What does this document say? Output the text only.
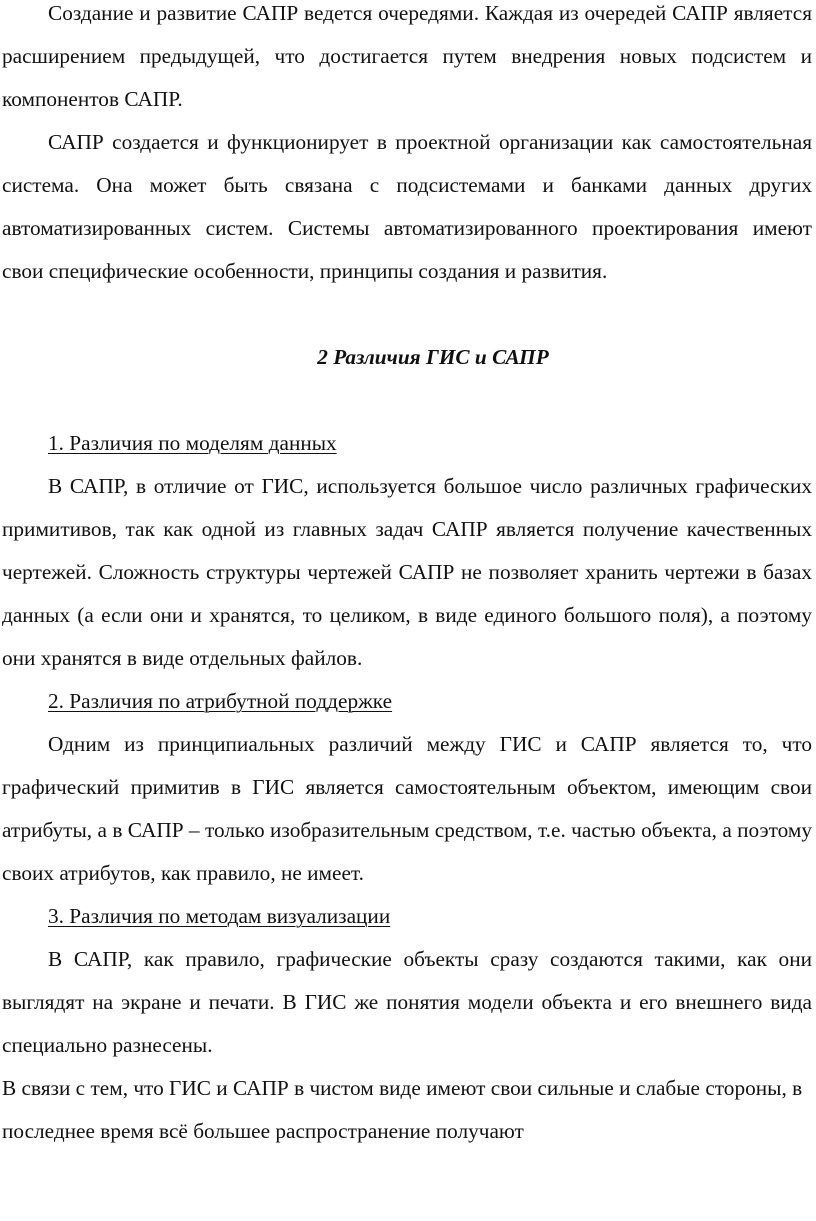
Создание и развитие САПР ведется очередями. Каждая из очередей САПР является расширением предыдущей, что достигается путем внедрения новых подсистем и компонентов САПР.

САПР создается и функционирует в проектной организации как самостоятельная система. Она может быть связана с подсистемами и банками данных других автоматизированных систем. Системы автоматизированного проектирования имеют свои специфические особенности, принципы создания и развития.

2 Различия ГИС и САПР

1. Различия по моделям данных

В САПР, в отличие от ГИС, используется большое число различных графических примитивов, так как одной из главных задач САПР является получение качественных чертежей. Сложность структуры чертежей САПР не позволяет хранить чертежи в базах данных (а если они и хранятся, то целиком, в виде единого большого поля), а поэтому они хранятся в виде отдельных файлов.

2. Различия по атрибутной поддержке

Одним из принципиальных различий между ГИС и САПР является то, что графический примитив в ГИС является самостоятельным объектом, имеющим свои атрибуты, а в САПР – только изобразительным средством, т.е. частью объекта, а поэтому своих атрибутов, как правило, не имеет.

3. Различия по методам визуализации

В САПР, как правило, графические объекты сразу создаются такими, как они выглядят на экране и печати. В ГИС же понятия модели объекта и его внешнего вида специально разнесены.

В связи с тем, что ГИС и САПР в чистом виде имеют свои сильные и слабые стороны, в последнее время всё большее распространение получают
